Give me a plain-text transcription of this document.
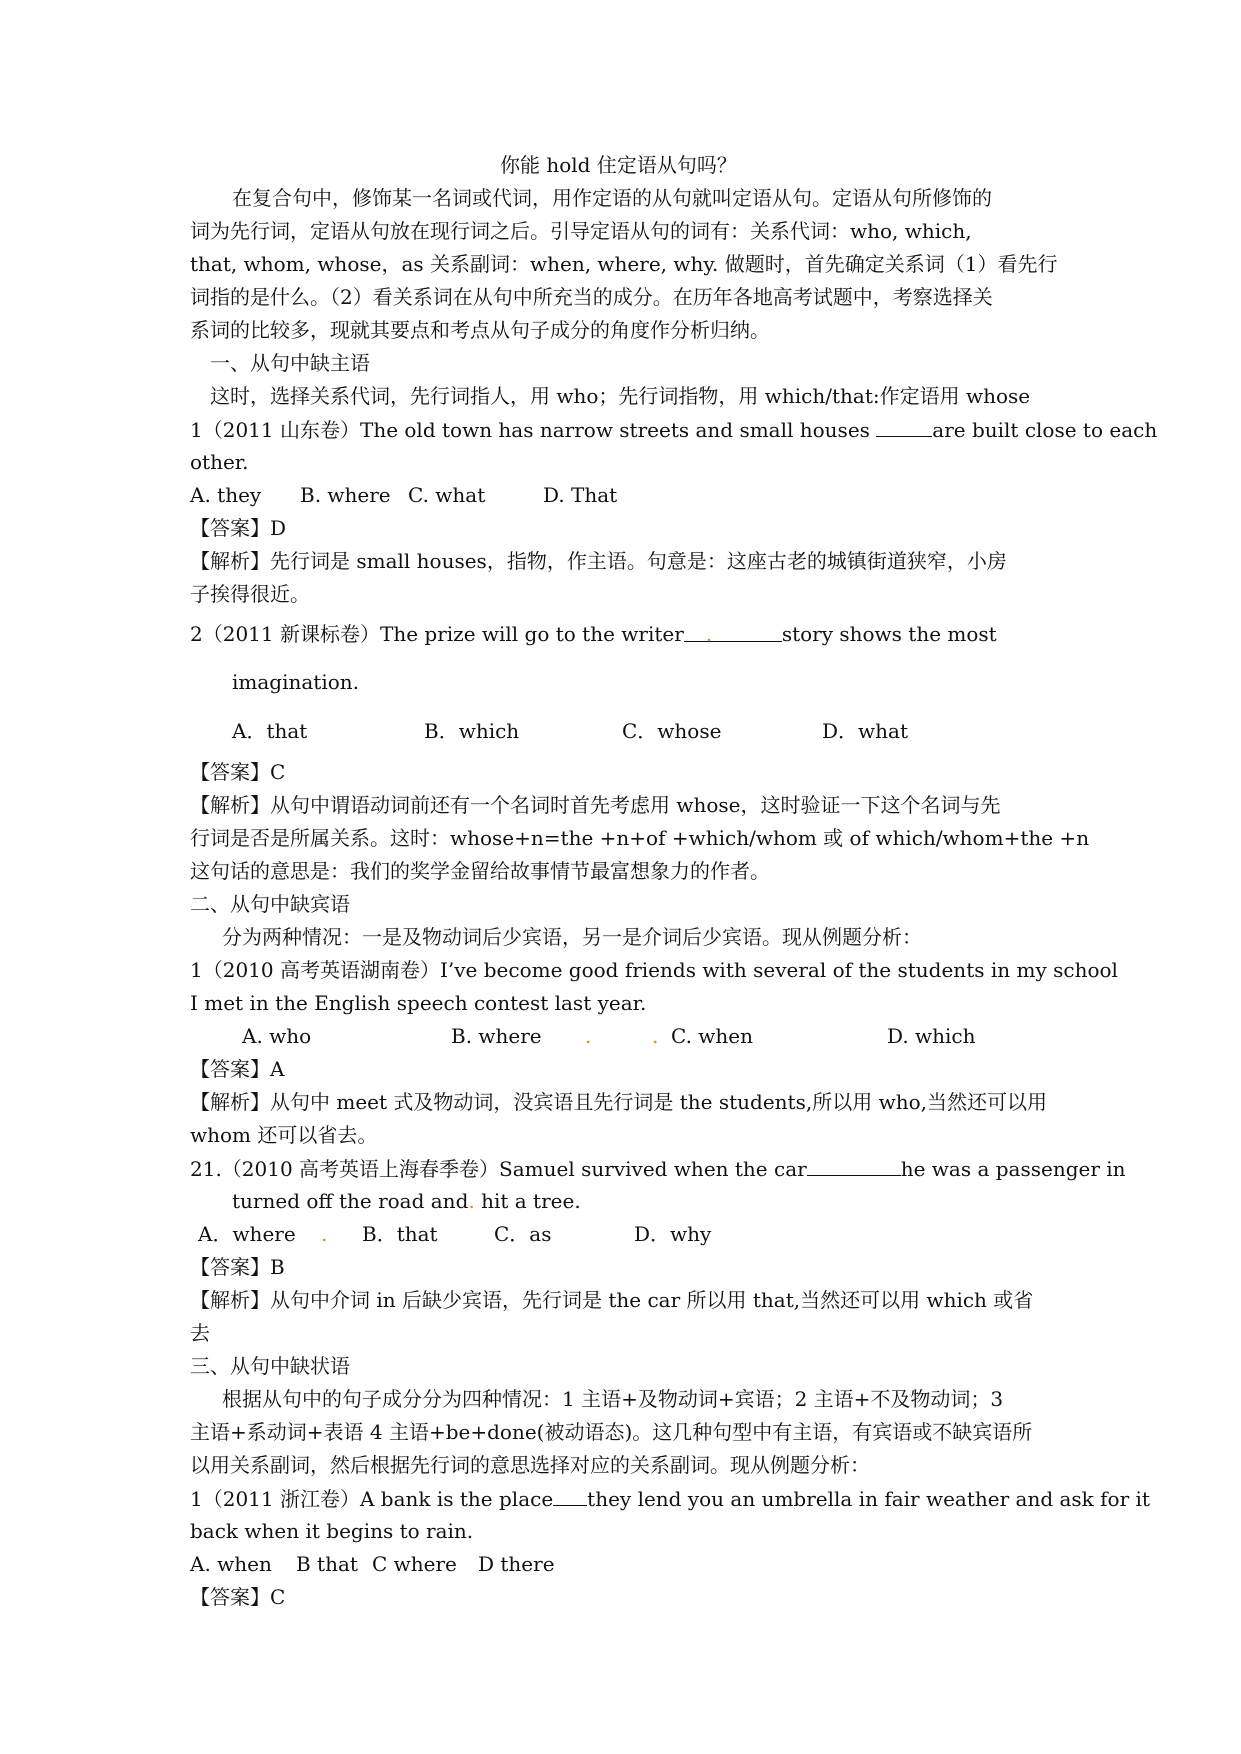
你能 hold 住定语从句吗？
在复合句中，修饰某一名词或代词，用作定语的从句就叫定语从句。定语从句所修饰的
词为先行词，定语从句放在现行词之后。引导定语从句的词有：关系代词：who, which,
that, whom, whose，as 关系副词：when, where, why. 做题时，首先确定关系词（1）看先行
词指的是什么。（2）看关系词在从句中所充当的成分。在历年各地高考试题中，考察选择关
系词的比较多，现就其要点和考点从句子成分的角度作分析归纳。
一、从句中缺主语
这时，选择关系代词，先行词指人，用 who；先行词指物，用 which/that:作定语用 whose
1（2011 山东卷）The old town has narrow streets and small houses	are built close to each
other.
A. they B. where C. what	D. That
【答案】D
【解析】先行词是 small houses，指物，作主语。句意是：这座古老的城镇街道狭窄，小房
子挨得很近。
2（2011 新课标卷）The prize will go to the writer .	story shows the most
imagination.
A．that	B．which	C．whose	D．what
【答案】C
【解析】从句中谓语动词前还有一个名词时首先考虑用 whose，这时验证一下这个名词与先
行词是否是所属关系。这时：whose+n=the +n+of +which/whom 或 of which/whom+the +n
这句话的意思是：我们的奖学金留给故事情节最富想象力的作者。
二、从句中缺宾语
分为两种情况：一是及物动词后少宾语，另一是介词后少宾语。现从例题分析：
1（2010 高考英语湖南卷）I’ve become good friends with several of the students in my school
I met in the English speech contest last year.
A. who	B. where .	. C. when	D. which
【答案】A
【解析】从句中 meet 式及物动词，没宾语且先行词是 the students,所以用 who,当然还可以用
whom 还可以省去。
21.（2010 高考英语上海春季卷）Samuel survived when the car	he was a passenger in
turned off the road and. hit a tree.
A．where . B．that	C．as	D．why
【答案】B
【解析】从句中介词 in 后缺少宾语，先行词是 the car 所以用 that,当然还可以用 which 或省
去
三、从句中缺状语
根据从句中的句子成分分为四种情况：1 主语+及物动词+宾语；2 主语+不及物动词；3
主语+系动词+表语 4 主语+be+done(被动语态)。这几种句型中有主语，有宾语或不缺宾语所
以用关系副词，然后根据先行词的意思选择对应的关系副词。现从例题分析：
1（2011 浙江卷）A bank is the place they lend you an umbrella in fair weather and ask for it
back when it begins to rain.
A. when B that C where D there
【答案】C
